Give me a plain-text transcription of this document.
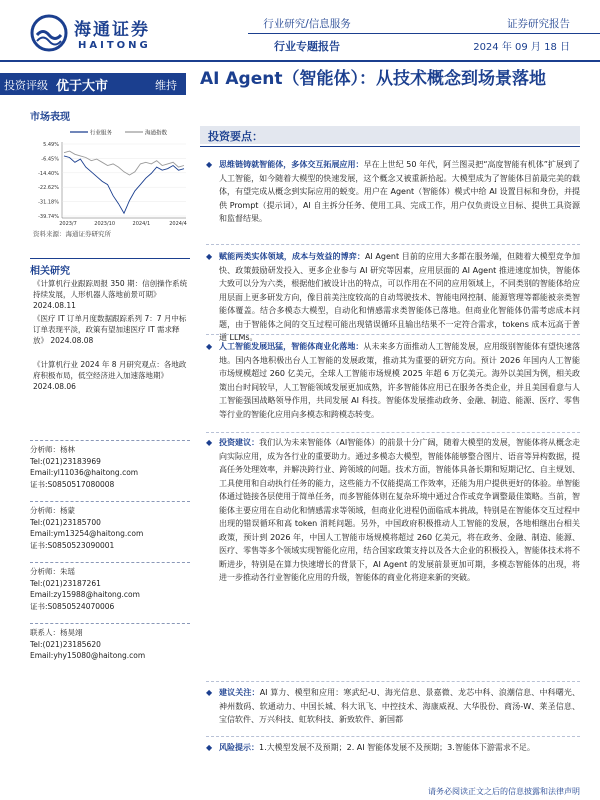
海通证券
HAITONG
行业研究/信息服务
行业专题报告
证券研究报告
2024 年 09 月 18 日
投资评级 优于大市	维持 AI Agent（智能体）：从技术概念到场景落地
市场表现
行业服务	海通指数
5.49%
-6.45%
-14.40%
-22.62%
-31.18%
-39.74%
2023/7	2023/10	2024/1	2024/4
资料来源：海通证券研究所
相关研究
《计算机行业跟踪周报 350 期：信创操作系统持续发展，人形机器人落地前景可期》 2024.08.11
《医疗 IT 订单月度数据跟踪系列 7：7 月中标订单表现平淡，政策有望加速医疗 IT 需求释放》 2024.08.08
《计算机行业 2024 年 8 月研究观点：各地政府积极布局，低空经济进入加速落地期》 2024.08.06
分析师：杨林
Tel:(021)23183969
Email:yl11036@haitong.com
证书:S0850517080008
分析师：杨蒙
Tel:(021)23185700
Email:ym13254@haitong.com
证书:S0850523090001
分析师：朱瑶
Tel:(021)23187261
Email:zy15988@haitong.com
证书:S0850524070006
联系人：杨昊翊
Tel:(021)23185620
Email:yhy15080@haitong.com
投资要点：
◆ 思维链铸就智能体，多体交互拓展应用：早在上世纪 50 年代，阿兰图灵把“高度智能有机体”扩展到了人工智能，如今随着大模型的快速发展，这个概念又被重新拾起。大模型成为了智能体目前最完美的载体，有望完成从概念到实际应用的蜕变。用户在 Agent（智能体）模式中给 AI 设置目标和身份，并提供 Prompt（提示词），AI 自主拆分任务、使用工具、完成工作，用户仅负责设立目标、提供工具资源和监督结果。
◆ 赋能两类实体领域，成本与效益的博弈：AI Agent 目前的应用大多都在服务端，但随着大模型竞争加快、政策鼓励研发投入、更多企业参与 AI 研究等因素，应用层面的 AI Agent 推进速度加快，智能体大致可以分为六类，根据他们被设计出的特点，可以作用在不同的应用领域上，不同类别的智能体给应用层面上更多研发方向，像目前美注度较高的自动驾驶技术、智能电网控制、能源管理等都能被亲类智能体覆盖。结合多模态大模型，自动化和情感需求类智能体已落地。但商业化智能体仍需考虑成本问题，由于智能体之间的交互过程可能出现错误循环且输出结果不一定符合需求，tokens 成本远高于普通 LLMs。
◆ 人工智能发展迅猛，智能体商业化落地：从未来多方面推动人工智能发展，应用级别智能体有望快速落地。国内各地积极出台人工智能的发展政策，推动其为重要的研究方向。预计 2026 年国内人工智能市场规模超过 260 亿美元，全球人工智能市场规模 2025 年超 6 万亿美元。海外以美国为例，相关政策出台时间较早，人工智能领域发展更加成熟，许多智能体应用已在服务各类企业，并且美国看意与人工智能强国战略领导作用，共同发展 AI 科技。智能体发展推动政务、金融、制造、能源、医疗、零售等行业的智能化应用向多模态和跨模态转变。
◆ 投资建议：我们认为未来智能体（AI智能体）的前景十分广阔，随着大模型的发展，智能体将从概念走向实际应用，成为各行业的重要助力。通过多模态大模型，智能体能够整合图片、语音等异构数据，提高任务处理效率，并解决跨行业、跨领域的问题。技术方面，智能体具备长期和短期记忆、自主规划、工具使用和自动执行任务的能力，这些能力不仅能提高工作效率，还能为用户提供更好的体验。单智能体通过链接各层使用于简单任务，而多智能体则在复杂环境中通过合作或竞争调整最佳策略。当前，智能体主要应用在自动化和情感需求等领域，但商业化进程仍面临成本挑战，特别是在智能体交互过程中出现的错误循环和高 token 消耗问题。另外，中国政府积极推动人工智能的发展，各地相继出台相关政策，预计到 2026 年，中国人工智能市场规模将超过 260 亿美元，将在政务、金融、制造、能源、医疗、零售等多个领域实现智能化应用，结合国家政策支持以及各大企业的积极投入，智能体技术将不断进步，特别是在算力快速增长的背景下，AI Agent 的发展前景更加可期，多模态智能体的出现，将进一步推动各行业智能化应用的升级，智能体的商业化将迎来新的突破。
◆ 建议关注：AI 算力、模型和应用：寒武纪-U、海光信息、景嘉微、龙芯中科、浪潮信息、中科曙光、神州数码、软通动力、中国长城、科大讯飞、中控技术、海康威视、大华股份、商汤-W、莱圣信息、宝信软件、万兴科技、虹软科技、新致软件、新国都
◆ 风险提示：1.大模型发展不及预期；2. AI 智能体发展不及预期；3.智能体下游需求不足。
请务必阅读正文之后的信息披露和法律声明
